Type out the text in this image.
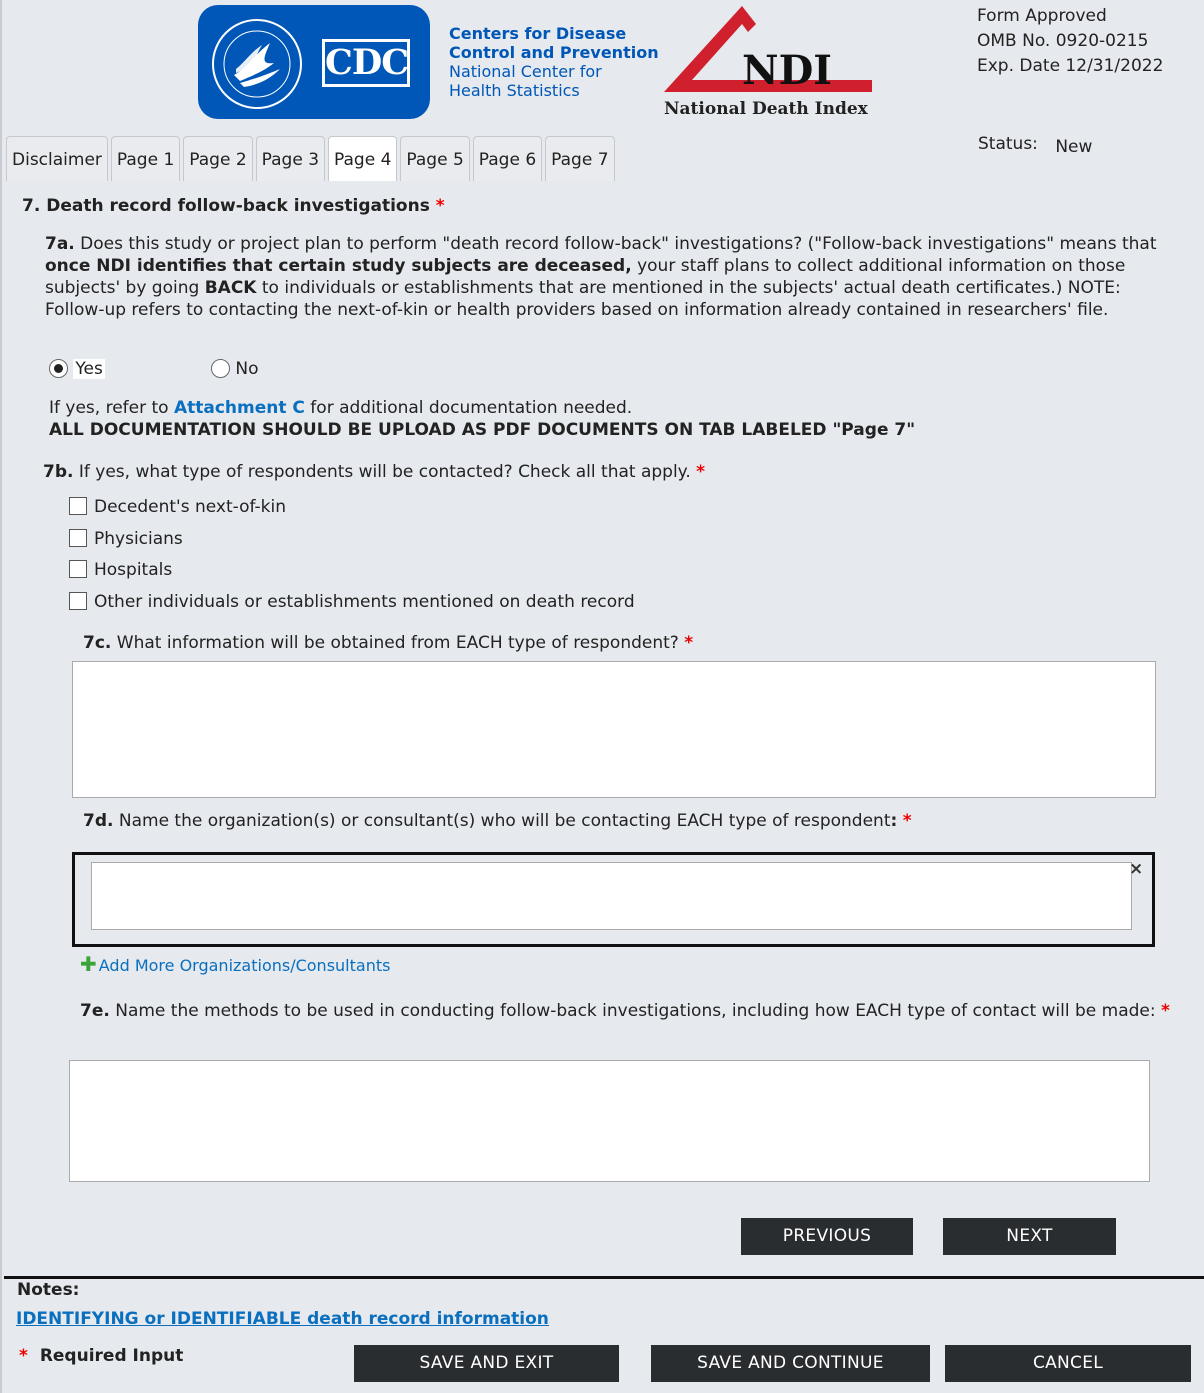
CDC
Centers for Disease
Control and Prevention
National Center for
Health Statistics	NDI
National Death Index
Form Approved
OMB No. 0920-0215
Exp. Date 12/31/2022
Status: New
Disclaimer Page 1 Page 2 Page 3 Page 4 Page 5 Page 6 Page 7
7. Death record follow-back investigations *
7a. Does this study or project plan to perform "death record follow-back" investigations? ("Follow-back investigations" means that once NDI identifies that certain study subjects are deceased, your staff plans to collect additional information on those subjects' by going BACK to individuals or establishments that are mentioned in the subjects' actual death certificates.) NOTE: Follow-up refers to contacting the next-of-kin or health providers based on information already contained in researchers' file.
Yes	No
If yes, refer to Attachment C for additional documentation needed.
ALL DOCUMENTATION SHOULD BE UPLOAD AS PDF DOCUMENTS ON TAB LABELED "Page 7"
7b. If yes, what type of respondents will be contacted? Check all that apply. *
Decedent's next-of-kin
Physicians
Hospitals
Other individuals or establishments mentioned on death record
7c. What information will be obtained from EACH type of respondent? *
7d. Name the organization(s) or consultant(s) who will be contacting EACH type of respondent: *
×
✚ Add More Organizations/Consultants
7e. Name the methods to be used in conducting follow-back investigations, including how EACH type of contact will be made: *
PREVIOUS	NEXT
Notes:
IDENTIFYING or IDENTIFIABLE death record information
* Required Input	SAVE AND EXIT	SAVE AND CONTINUE	CANCEL
